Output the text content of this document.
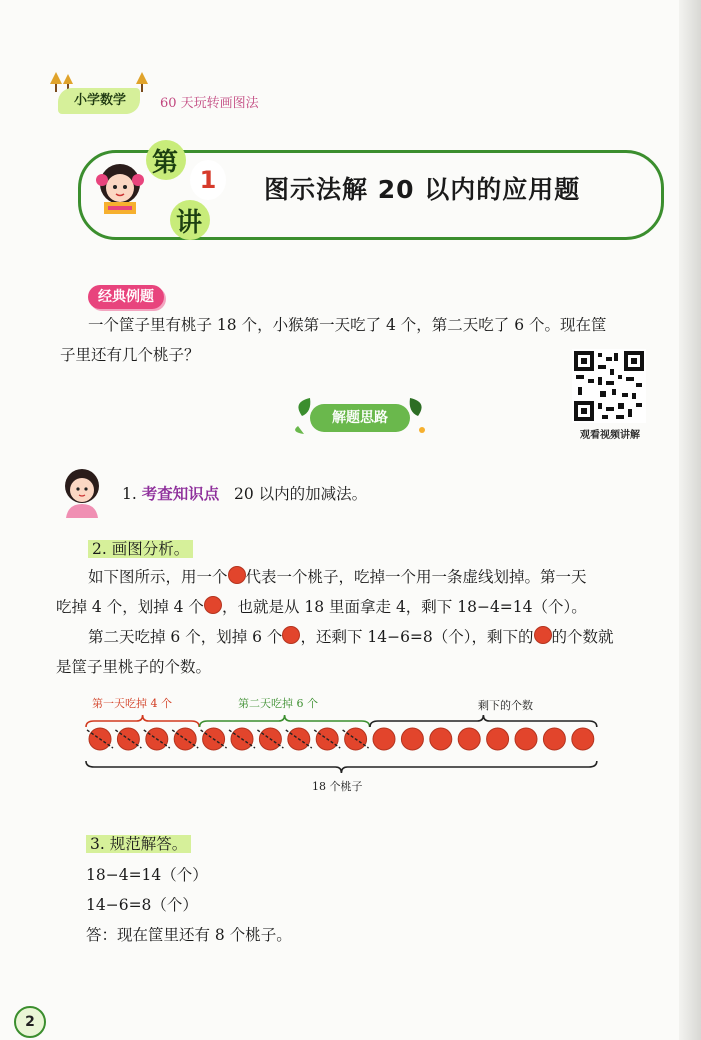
小学数学	60 天玩转画图法
第
1
讲
图示法解 20 以内的应用题
经典例题
一个筐子里有桃子 18 个，小猴第一天吃了 4 个，第二天吃了 6 个。现在筐
子里还有几个桃子？
观看视频讲解
解题思路
1. 考查知识点 20 以内的加减法。
2. 画图分析。
如下图所示，用一个 代表一个桃子，吃掉一个用一条虚线划掉。第一天
吃掉 4 个，划掉 4 个 ，也就是从 18 里面拿走 4，剩下 18−4=14（个）。
第二天吃掉 6 个，划掉 6 个 ，还剩下 14−6=8（个），剩下的 的个数就
是筐子里桃子的个数。
第一天吃掉 4 个	第二天吃掉 6 个	剩下的个数
18 个桃子
3. 规范解答。
18−4=14（个）
14−6=8（个）
答：现在筐里还有 8 个桃子。
2
